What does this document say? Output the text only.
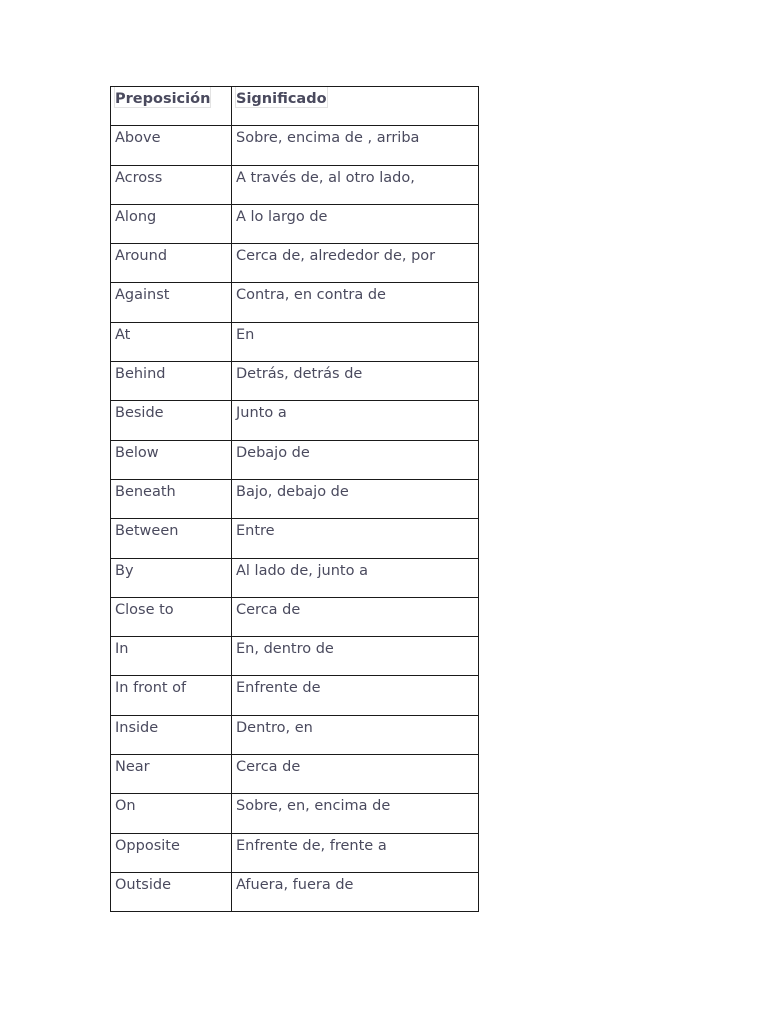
Preposición	Significado
Above	Sobre, encima de , arriba
Across	A través de, al otro lado,
Along	A lo largo de
Around	Cerca de, alrededor de, por
Against	Contra, en contra de
At	En
Behind	Detrás, detrás de
Beside	Junto a
Below	Debajo de
Beneath	Bajo, debajo de
Between	Entre
By	Al lado de, junto a
Close to	Cerca de
In	En, dentro de
In front of	Enfrente de
Inside	Dentro, en
Near	Cerca de
On	Sobre, en, encima de
Opposite	Enfrente de, frente a
Outside	Afuera, fuera de
